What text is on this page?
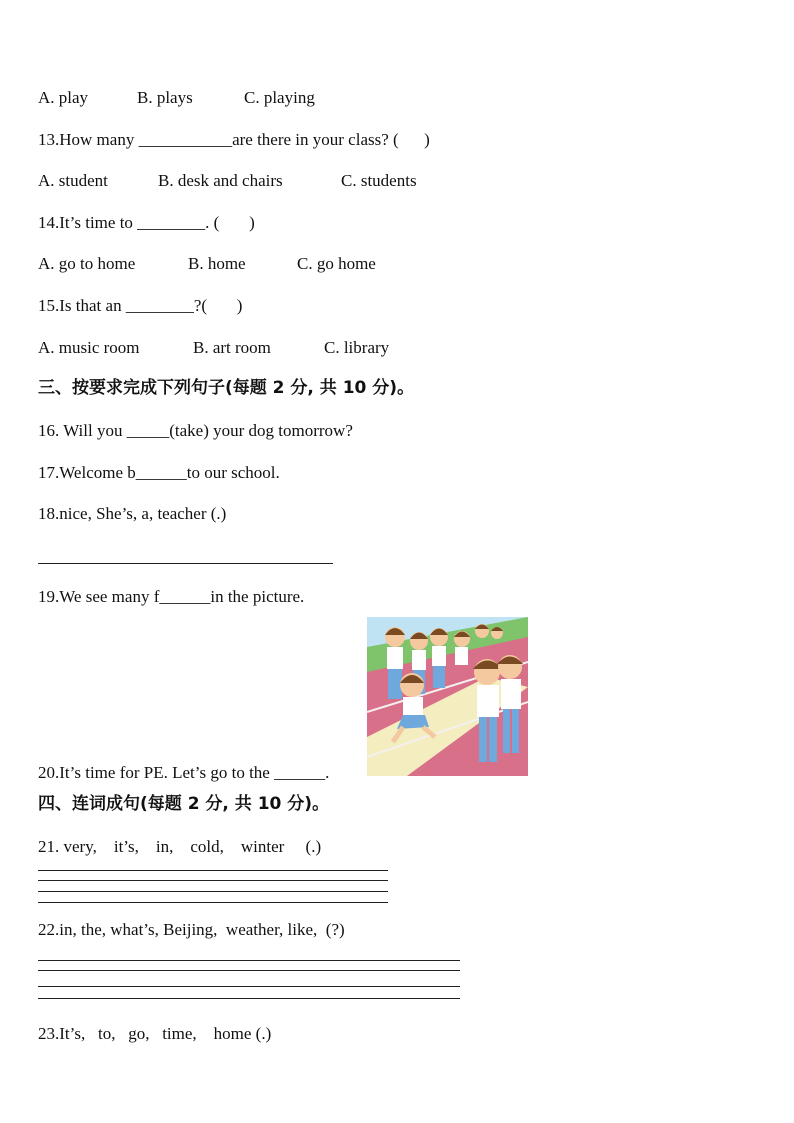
A. play	B. plays	C. playing
13.How many ___________are there in your class? (      )
A. student	B. desk and chairs	C. students
14.It’s time to ________. (       )
A. go to home	B. home	C. go home
15.Is that an ________?(       )
A. music room	B. art room	C. library
三、按要求完成下列句子(每题 2 分, 共 10 分)。
16. Will you _____(take) your dog tomorrow?
17.Welcome b______to our school.
18.nice, She’s, a, teacher (.)
19.We see many f______in the picture.
20.It’s time for PE. Let’s go to the ______.
四、连词成句(每题 2 分, 共 10 分)。
21. very,    it’s,    in,    cold,    winter     (.)
22.in, the, what’s, Beijing,  weather, like,  (?)
23.It’s,   to,   go,   time,    home (.)
